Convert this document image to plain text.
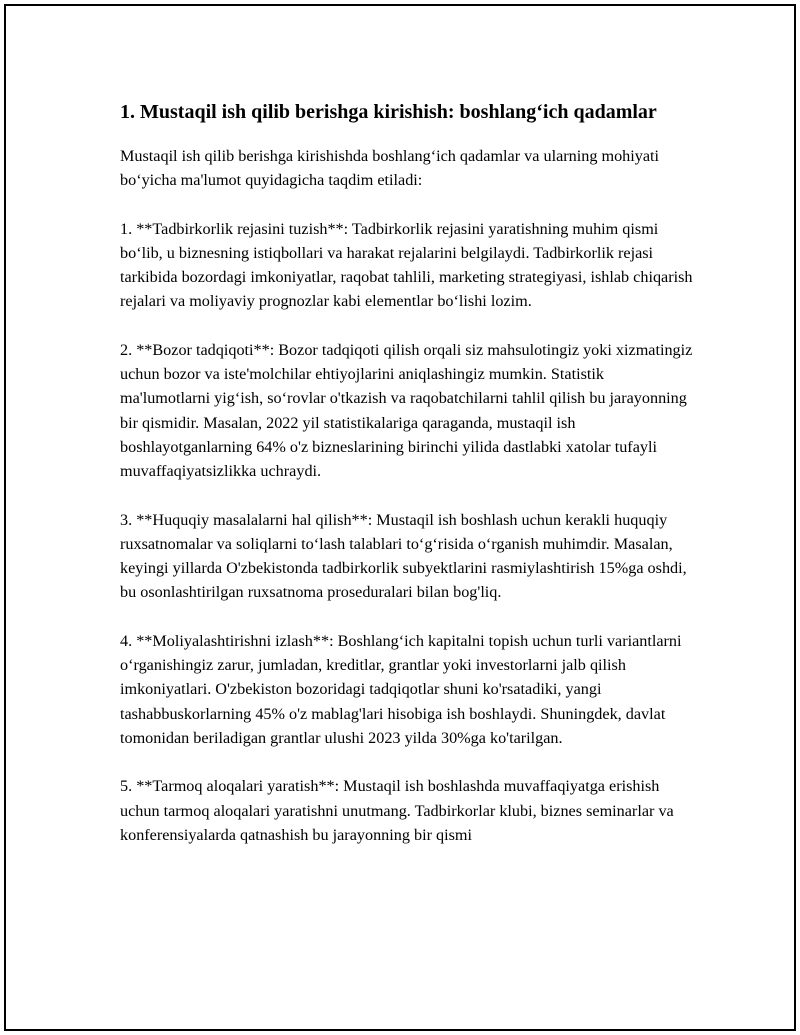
1. Mustaqil ish qilib berishga kirishish: boshlang‘ich qadamlar

Mustaqil ish qilib berishga kirishishda boshlang‘ich qadamlar va ularning mohiyati bo‘yicha ma'lumot quyidagicha taqdim etiladi:

1. **Tadbirkorlik rejasini tuzish**: Tadbirkorlik rejasini yaratishning muhim qismi bo‘lib, u biznesning istiqbollari va harakat rejalarini belgilaydi. Tadbirkorlik rejasi tarkibida bozordagi imkoniyatlar, raqobat tahlili, marketing strategiyasi, ishlab chiqarish rejalari va moliyaviy prognozlar kabi elementlar bo‘lishi lozim.

2. **Bozor tadqiqoti**: Bozor tadqiqoti qilish orqali siz mahsulotingiz yoki xizmatingiz uchun bozor va iste'molchilar ehtiyojlarini aniqlashingiz mumkin. Statistik ma'lumotlarni yig‘ish, so‘rovlar o'tkazish va raqobatchilarni tahlil qilish bu jarayonning bir qismidir. Masalan, 2022 yil statistikalariga qaraganda, mustaqil ish boshlayotganlarning 64% o'z bizneslarining birinchi yilida dastlabki xatolar tufayli muvaffaqiyatsizlikka uchraydi.

3. **Huquqiy masalalarni hal qilish**: Mustaqil ish boshlash uchun kerakli huquqiy ruxsatnomalar va soliqlarni to‘lash talablari to‘g‘risida o‘rganish muhimdir. Masalan, keyingi yillarda O'zbekistonda tadbirkorlik subyektlarini rasmiylashtirish 15%ga oshdi, bu osonlashtirilgan ruxsatnoma proseduralari bilan bog'liq.

4. **Moliyalashtirishni izlash**: Boshlang‘ich kapitalni topish uchun turli variantlarni o‘rganishingiz zarur, jumladan, kreditlar, grantlar yoki investorlarni jalb qilish imkoniyatlari. O'zbekiston bozoridagi tadqiqotlar shuni ko'rsatadiki, yangi tashabbuskorlarning 45% o'z mablag'lari hisobiga ish boshlaydi. Shuningdek, davlat tomonidan beriladigan grantlar ulushi 2023 yilda 30%ga ko'tarilgan.

5. **Tarmoq aloqalari yaratish**: Mustaqil ish boshlashda muvaffaqiyatga erishish uchun tarmoq aloqalari yaratishni unutmang. Tadbirkorlar klubi, biznes seminarlar va konferensiyalarda qatnashish bu jarayonning bir qismi
